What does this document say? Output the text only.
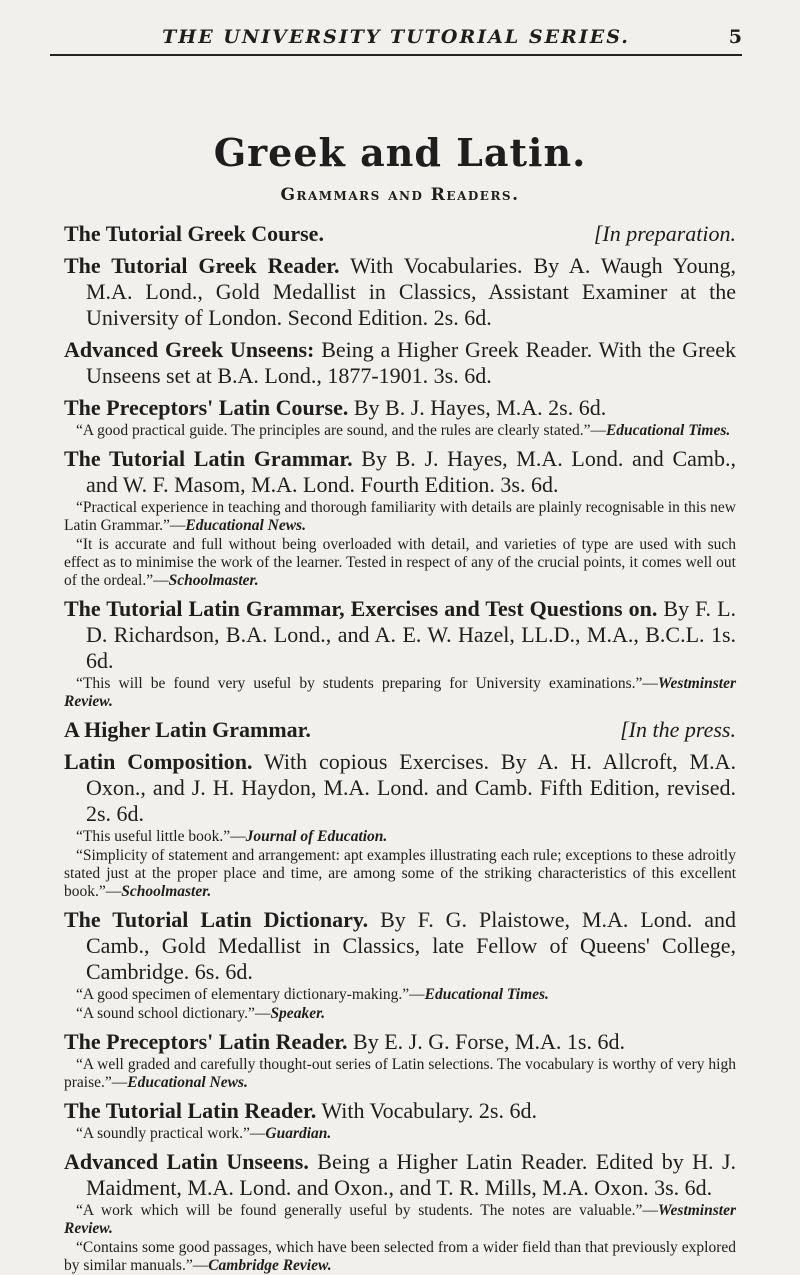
THE UNIVERSITY TUTORIAL SERIES.	5
Greek and Latin.
Grammars and Readers.
The Tutorial Greek Course.	[In preparation.
The Tutorial Greek Reader. With Vocabularies. By A. Waugh Young, M.A. Lond., Gold Medallist in Classics, Assistant Examiner at the University of London. Second Edition. 2s. 6d.
Advanced Greek Unseens: Being a Higher Greek Reader. With the Greek Unseens set at B.A. Lond., 1877-1901. 3s. 6d.
The Preceptors' Latin Course. By B. J. Hayes, M.A. 2s. 6d.
“A good practical guide. The principles are sound, and the rules are clearly stated.”—Educational Times.
The Tutorial Latin Grammar. By B. J. Hayes, M.A. Lond. and Camb., and W. F. Masom, M.A. Lond. Fourth Edition. 3s. 6d.
“Practical experience in teaching and thorough familiarity with details are plainly recognisable in this new Latin Grammar.”—Educational News.
“It is accurate and full without being overloaded with detail, and varieties of type are used with such effect as to minimise the work of the learner. Tested in respect of any of the crucial points, it comes well out of the ordeal.”—Schoolmaster.
The Tutorial Latin Grammar, Exercises and Test Questions on. By F. L. D. Richardson, B.A. Lond., and A. E. W. Hazel, LL.D., M.A., B.C.L. 1s. 6d.
“This will be found very useful by students preparing for University examinations.”—Westminster Review.
A Higher Latin Grammar.	[In the press.
Latin Composition. With copious Exercises. By A. H. Allcroft, M.A. Oxon., and J. H. Haydon, M.A. Lond. and Camb. Fifth Edition, revised. 2s. 6d.
“This useful little book.”—Journal of Education.
“Simplicity of statement and arrangement: apt examples illustrating each rule; exceptions to these adroitly stated just at the proper place and time, are among some of the striking characteristics of this excellent book.”—Schoolmaster.
The Tutorial Latin Dictionary. By F. G. Plaistowe, M.A. Lond. and Camb., Gold Medallist in Classics, late Fellow of Queens' College, Cambridge. 6s. 6d.
“A good specimen of elementary dictionary-making.”—Educational Times.
“A sound school dictionary.”—Speaker.
The Preceptors' Latin Reader. By E. J. G. Forse, M.A. 1s. 6d.
“A well graded and carefully thought-out series of Latin selections. The vocabulary is worthy of very high praise.”—Educational News.
The Tutorial Latin Reader. With Vocabulary. 2s. 6d.
“A soundly practical work.”—Guardian.
Advanced Latin Unseens. Being a Higher Latin Reader. Edited by H. J. Maidment, M.A. Lond. and Oxon., and T. R. Mills, M.A. Oxon. 3s. 6d.
“A work which will be found generally useful by students. The notes are valuable.”—Westminster Review.
“Contains some good passages, which have been selected from a wider field than that previously explored by similar manuals.”—Cambridge Review.
